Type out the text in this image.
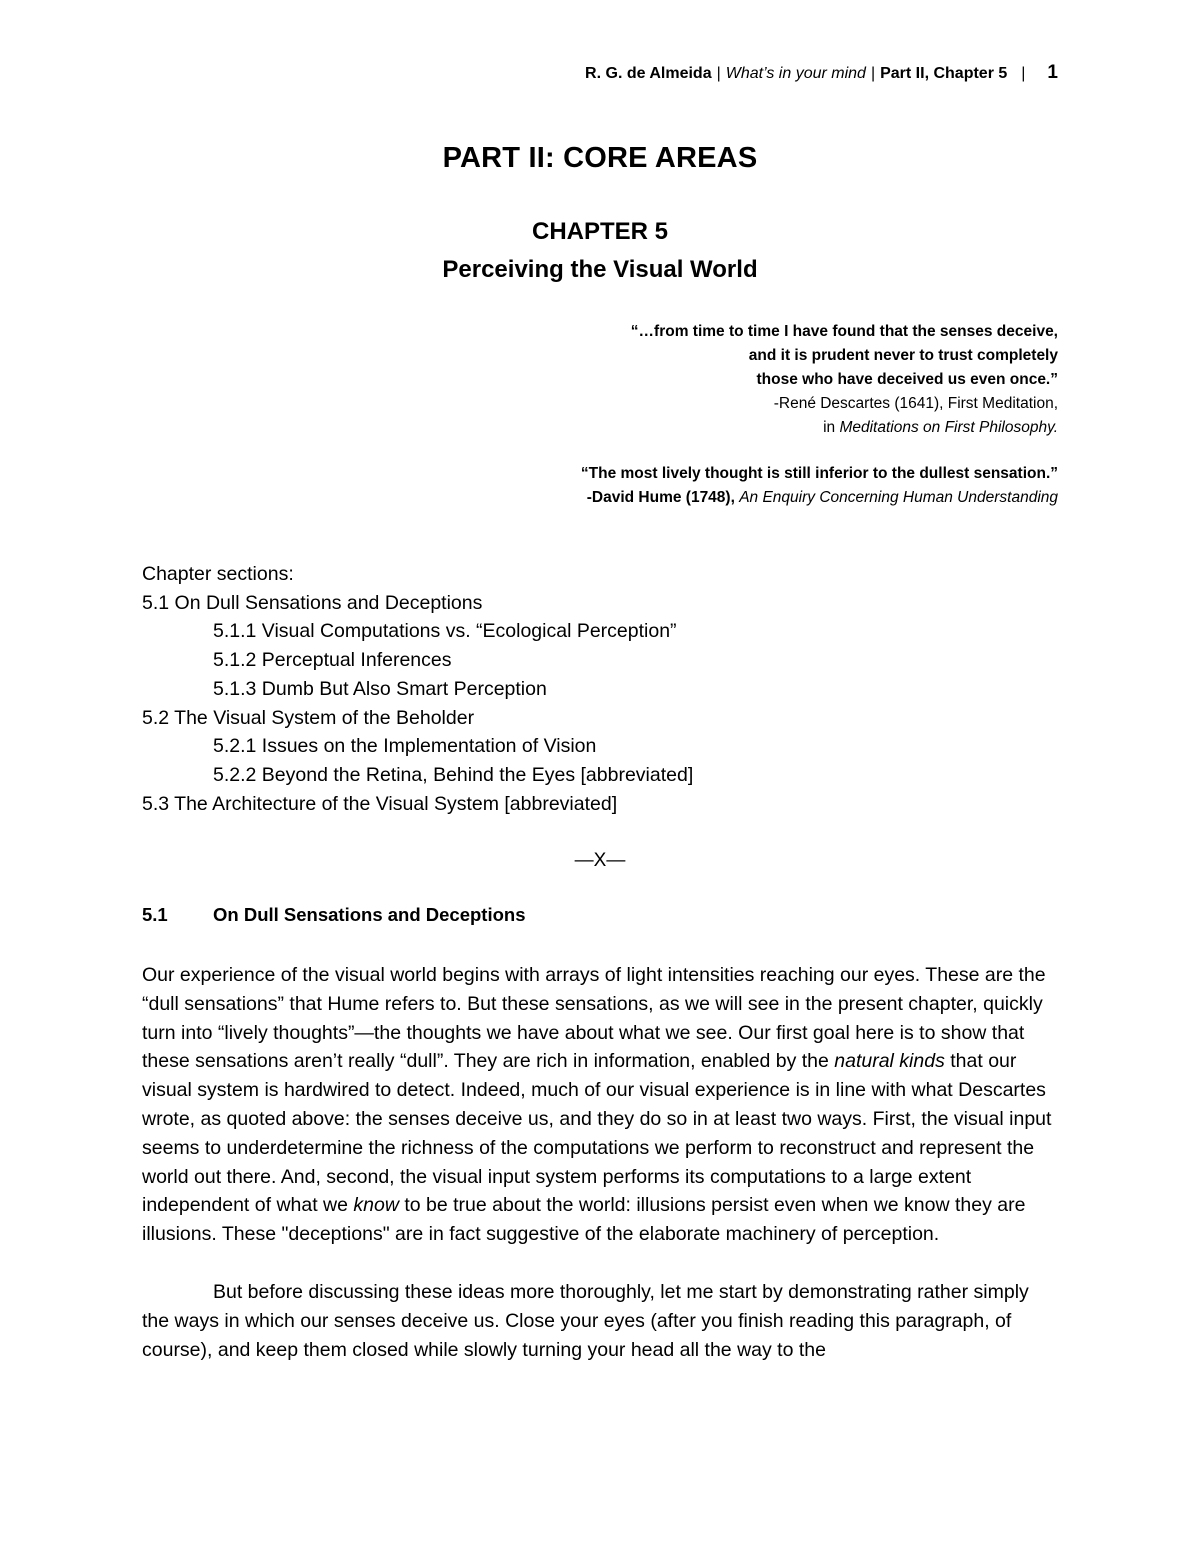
R. G. de Almeida | What’s in your mind | Part II, Chapter 5 | 1
PART II: CORE AREAS
CHAPTER 5
Perceiving the Visual World
“…from time to time I have found that the senses deceive,
and it is prudent never to trust completely
those who have deceived us even once.”
-René Descartes (1641), First Meditation,
in Meditations on First Philosophy.
“The most lively thought is still inferior to the dullest sensation.”
-David Hume (1748), An Enquiry Concerning Human Understanding
Chapter sections:
5.1 On Dull Sensations and Deceptions
5.1.1 Visual Computations vs. “Ecological Perception”
5.1.2 Perceptual Inferences
5.1.3 Dumb But Also Smart Perception
5.2 The Visual System of the Beholder
5.2.1 Issues on the Implementation of Vision
5.2.2 Beyond the Retina, Behind the Eyes [abbreviated]
5.3 The Architecture of the Visual System [abbreviated]
—X—
5.1 On Dull Sensations and Deceptions

Our experience of the visual world begins with arrays of light intensities reaching our eyes. These are the “dull sensations” that Hume refers to. But these sensations, as we will see in the present chapter, quickly turn into “lively thoughts”—the thoughts we have about what we see. Our first goal here is to show that these sensations aren’t really “dull”. They are rich in information, enabled by the natural kinds that our visual system is hardwired to detect. Indeed, much of our visual experience is in line with what Descartes wrote, as quoted above: the senses deceive us, and they do so in at least two ways. First, the visual input seems to underdetermine the richness of the computations we perform to reconstruct and represent the world out there. And, second, the visual input system performs its computations to a large extent independent of what we know to be true about the world: illusions persist even when we know they are illusions. These "deceptions" are in fact suggestive of the elaborate machinery of perception.

But before discussing these ideas more thoroughly, let me start by demonstrating rather simply the ways in which our senses deceive us. Close your eyes (after you finish reading this paragraph, of course), and keep them closed while slowly turning your head all the way to the
